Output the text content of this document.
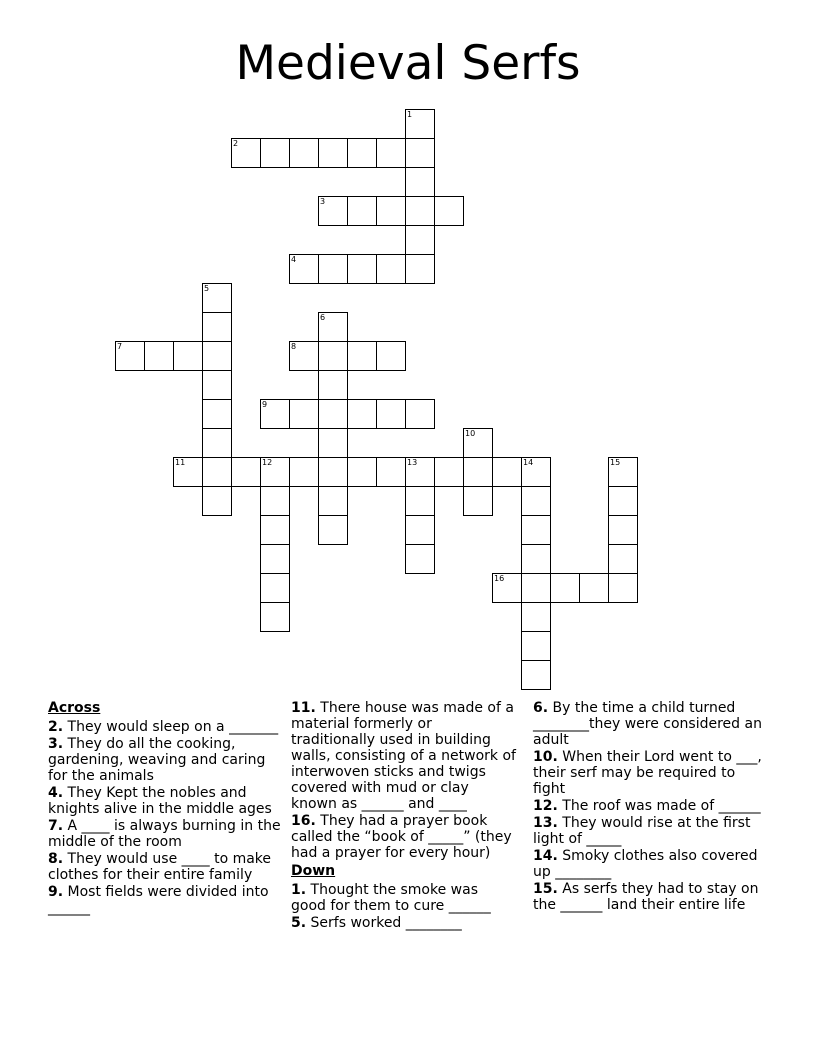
Medieval Serfs
1
2
3
4
5
6
7	8
9
10
11	12	13	14	15
16
Across
2. They would sleep on a _______
3. They do all the cooking, gardening, weaving and caring for the animals
4. They Kept the nobles and knights alive in the middle ages
7. A ____ is always burning in the middle of the room
8. They would use ____ to make clothes for their entire family
9. Most fields were divided into ______
11. There house was made of a material formerly or traditionally used in building walls, consisting of a network of interwoven sticks and twigs covered with mud or clay known as ______ and ____
16. They had a prayer book called the “book of _____” (they had a prayer for every hour)
Down
1. Thought the smoke was good for them to cure ______
5. Serfs worked ________
6. By the time a child turned ________they were considered an adult
10. When their Lord went to ___, their serf may be required to fight
12. The roof was made of ______
13. They would rise at the first light of _____
14. Smoky clothes also covered up ________
15. As serfs they had to stay on the ______ land their entire life
